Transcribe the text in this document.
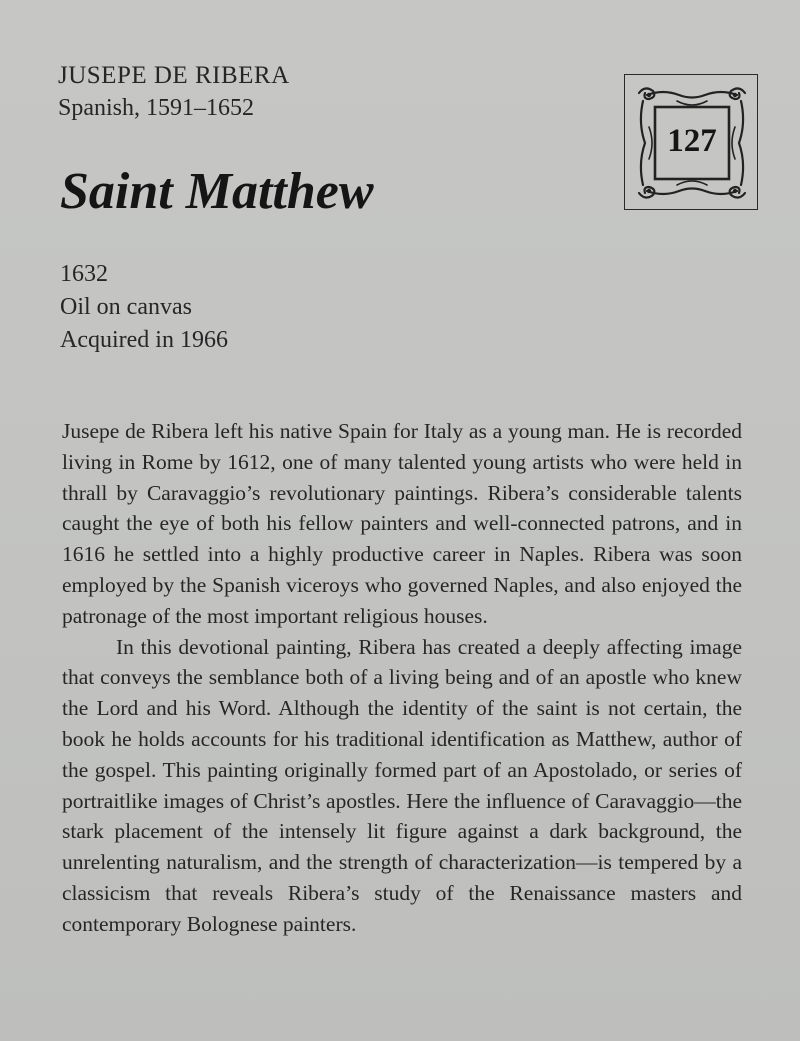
JUSEPE DE RIBERA
Spanish, 1591–1652
Saint Matthew
1632
Oil on canvas
Acquired in 1966
127

Jusepe de Ribera left his native Spain for Italy as a young man. He is recorded living in Rome by 1612, one of many talented young artists who were held in thrall by Caravaggio’s revolutionary paintings. Ribera’s considerable talents caught the eye of both his fellow painters and well-connected patrons, and in 1616 he settled into a highly productive career in Naples. Ribera was soon employed by the Spanish viceroys who governed Naples, and also enjoyed the patronage of the most important religious houses.

In this devotional painting, Ribera has created a deeply affecting image that conveys the semblance both of a living being and of an apostle who knew the Lord and his Word. Although the identity of the saint is not certain, the book he holds accounts for his traditional identification as Matthew, author of the gospel. This painting originally formed part of an Apostolado, or series of portraitlike images of Christ’s apostles. Here the influence of Caravaggio—the stark placement of the intensely lit figure against a dark background, the unrelenting naturalism, and the strength of characterization—is tempered by a classicism that reveals Ribera’s study of the Renaissance masters and contemporary Bolognese painters.
